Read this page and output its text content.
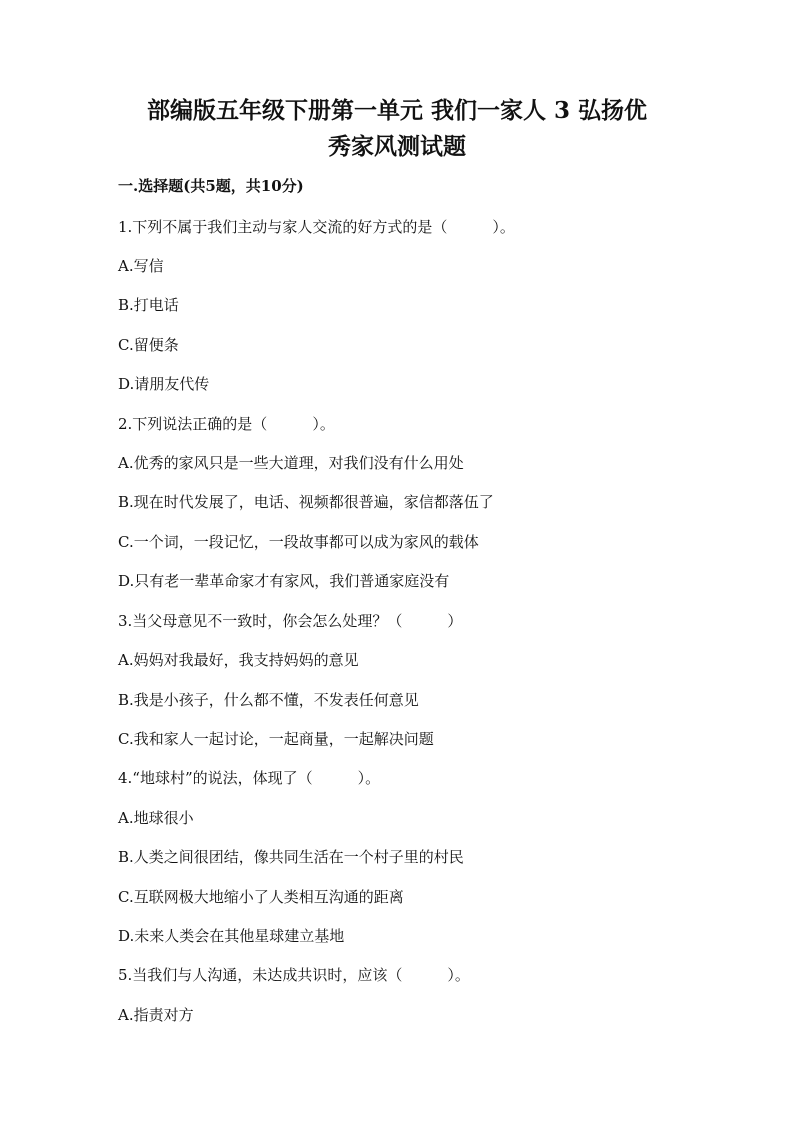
部编版五年级下册第一单元 我们一家人 3 弘扬优
秀家风测试题
一.选择题(共5题，共10分)
1.下列不属于我们主动与家人交流的好方式的是（　　　）。
A.写信
B.打电话
C.留便条
D.请朋友代传
2.下列说法正确的是（　　　）。
A.优秀的家风只是一些大道理，对我们没有什么用处
B.现在时代发展了，电话、视频都很普遍，家信都落伍了
C.一个词，一段记忆，一段故事都可以成为家风的载体
D.只有老一辈革命家才有家风，我们普通家庭没有
3.当父母意见不一致时，你会怎么处理？（　　　）
A.妈妈对我最好，我支持妈妈的意见
B.我是小孩子，什么都不懂，不发表任何意见
C.我和家人一起讨论，一起商量，一起解决问题
4.“地球村”的说法，体现了（　　　）。
A.地球很小
B.人类之间很团结，像共同生活在一个村子里的村民
C.互联网极大地缩小了人类相互沟通的距离
D.未来人类会在其他星球建立基地
5.当我们与人沟通，未达成共识时，应该（　　　）。
A.指责对方
